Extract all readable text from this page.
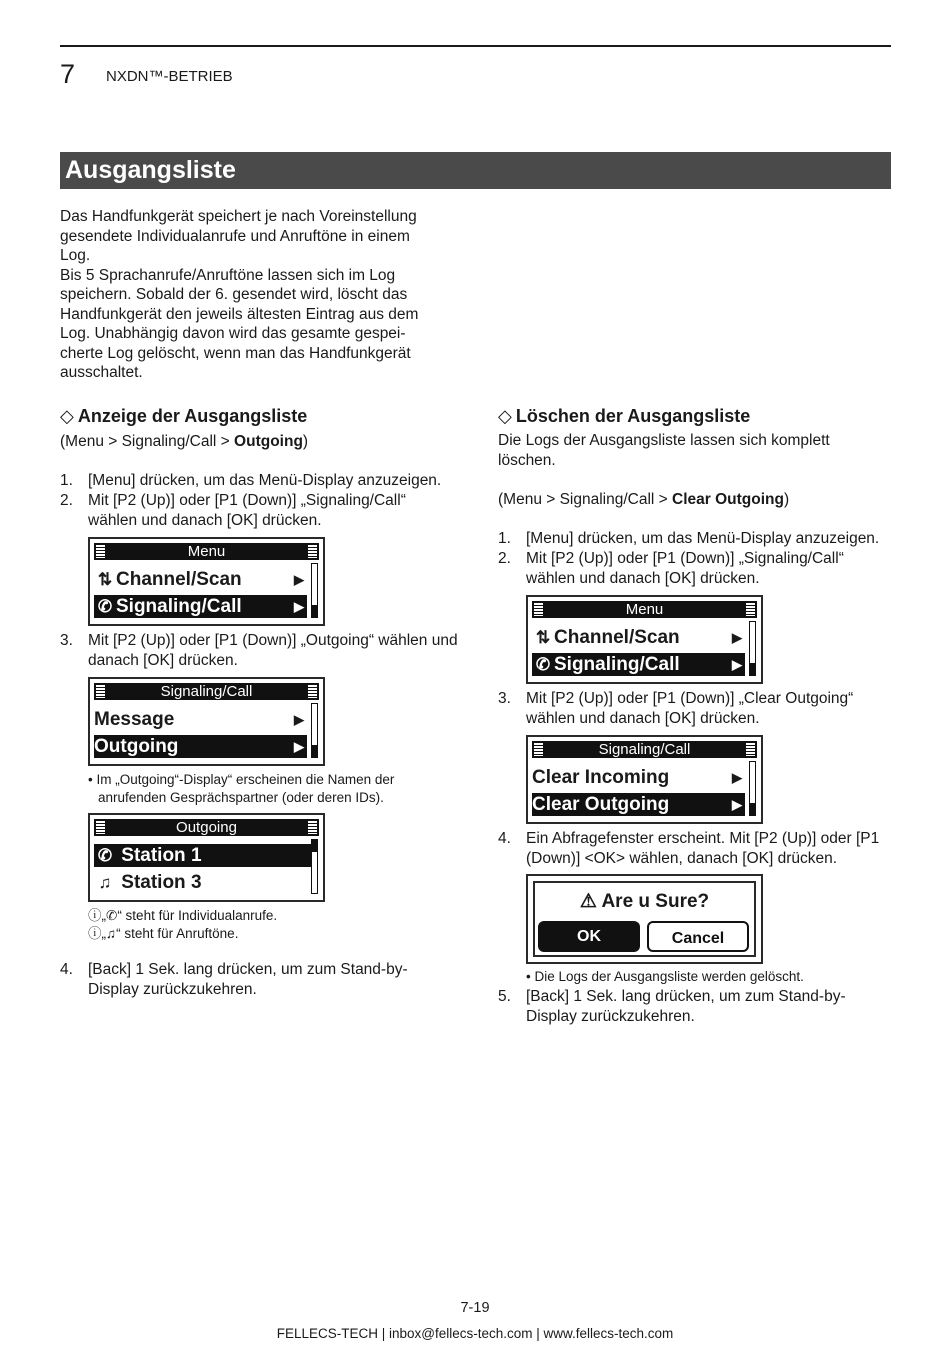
7 NXDN™-BETRIEB
Ausgangsliste
Das Handfunkgerät speichert je nach Voreinstellung
gesendete Individualanrufe und Anruftöne in einem
Log.
Bis 5 Sprachanrufe/Anruftöne lassen sich im Log
speichern. Sobald der 6. gesendet wird, löscht das
Handfunkgerät den jeweils ältesten Eintrag aus dem
Log. Unabhängig davon wird das gesamte gespei-
cherte Log gelöscht, wenn man das Handfunkgerät
ausschaltet.
◇ Anzeige der Ausgangsliste
(Menu > Signaling/Call > Outgoing)
1. [Menu] drücken, um das Menü-Display anzuzeigen.
2. Mit [P2 (Up)] oder [P1 (Down)] „Signaling/Call“ wählen und danach [OK] drücken.
Menu
⇅ Channel/Scan	▶
✆ Signaling/Call	▶
3. Mit [P2 (Up)] oder [P1 (Down)] „Outgoing“ wählen und danach [OK] drücken.
Signaling/Call
Message	▶
Outgoing	▶
• Im „Outgoing“-Display“ erscheinen die Namen der
anrufenden Gesprächspartner (oder deren IDs).
Outgoing
✆ Station 1
♫ Station 3
ⓘ„✆“ steht für Individualanrufe.
ⓘ„♫“ steht für Anruftöne.
4. [Back] 1 Sek. lang drücken, um zum Stand-by-Display zurückzukehren.
◇ Löschen der Ausgangsliste
Die Logs der Ausgangsliste lassen sich komplett löschen.
(Menu > Signaling/Call > Clear Outgoing)
1. [Menu] drücken, um das Menü-Display anzuzeigen.
2. Mit [P2 (Up)] oder [P1 (Down)] „Signaling/Call“ wählen und danach [OK] drücken.
Menu
⇅ Channel/Scan	▶
✆ Signaling/Call	▶
3. Mit [P2 (Up)] oder [P1 (Down)] „Clear Outgoing“ wählen und danach [OK] drücken.
Signaling/Call
Clear Incoming	▶
Clear Outgoing	▶
4. Ein Abfragefenster erscheint. Mit [P2 (Up)] oder [P1 (Down)] <OK> wählen, danach [OK] drücken.
⚠ Are u Sure?
OK	Cancel
• Die Logs der Ausgangsliste werden gelöscht.
5. [Back] 1 Sek. lang drücken, um zum Stand-by-Display zurückzukehren.
7-19
FELLECS-TECH | inbox@fellecs-tech.com | www.fellecs-tech.com
